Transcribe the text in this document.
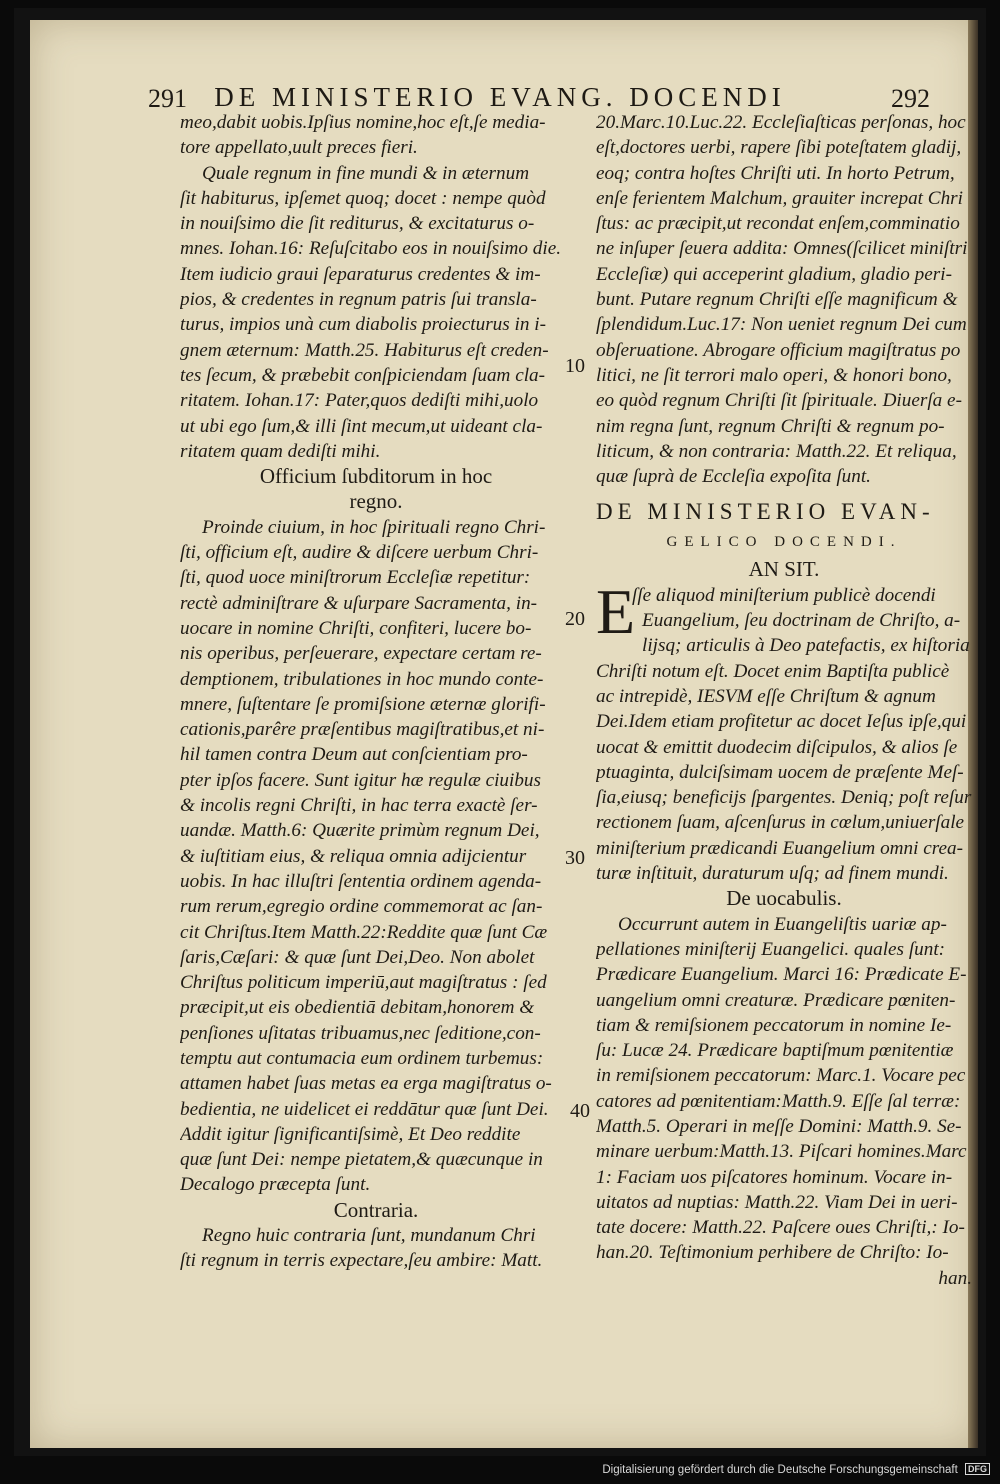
291	DE MINISTERIO EVANG. DOCENDI	292
meo,dabit uobis.Ipſius nomine,hoc eſt,ſe media-
tore appellato,uult preces fieri.
Quale regnum in fine mundi & in æternum
ſit habiturus, ipſemet quoq; docet : nempe quòd
in nouiſsimo die ſit rediturus, & excitaturus o-
mnes. Iohan.16: Reſuſcitabo eos in nouiſsimo die.
Item iudicio graui ſeparaturus credentes & im-
pios, & credentes in regnum patris ſui transla-
turus, impios unà cum diabolis proiecturus in i-
gnem æternum: Matth.25. Habiturus eſt creden-
tes ſecum, & præbebit conſpiciendam ſuam cla-
ritatem. Iohan.17: Pater,quos dediſti mihi,uolo
ut ubi ego ſum,& illi ſint mecum,ut uideant cla-
ritatem quam dediſti mihi.
Officium ſubditorum in hoc
regno.
Proinde ciuium, in hoc ſpirituali regno Chri-
ſti, officium eſt, audire & diſcere uerbum Chri-
ſti, quod uoce miniſtrorum Eccleſiæ repetitur:
rectè adminiſtrare & uſurpare Sacramenta, in-
uocare in nomine Chriſti, confiteri, lucere bo-
nis operibus, perſeuerare, expectare certam re-
demptionem, tribulationes in hoc mundo conte-
mnere, ſuſtentare ſe promiſsione æternæ glorifi-
cationis,parêre præſentibus magiſtratibus,et ni-
hil tamen contra Deum aut conſcientiam pro-
pter ipſos facere. Sunt igitur hæ regulæ ciuibus
& incolis regni Chriſti, in hac terra exactè ſer-
uandæ. Matth.6: Quærite primùm regnum Dei,
& iuſtitiam eius, & reliqua omnia adijcientur
uobis. In hac illuſtri ſententia ordinem agenda-
rum rerum,egregio ordine commemorat ac ſan-
cit Chriſtus.Item Matth.22:Reddite quæ ſunt Cæ
ſaris,Cæſari: & quæ ſunt Dei,Deo. Non abolet
Chriſtus politicum imperiū,aut magiſtratus : ſed
præcipit,ut eis obedientiā debitam,honorem &
penſiones uſitatas tribuamus,nec ſeditione,con-
temptu aut contumacia eum ordinem turbemus:
attamen habet ſuas metas ea erga magiſtratus o-
bedientia, ne uidelicet ei reddātur quæ ſunt Dei.
Addit igitur ſignificantiſsimè, Et Deo reddite
quæ ſunt Dei: nempe pietatem,& quæcunque in
Decalogo præcepta ſunt.
Contraria.
Regno huic contraria ſunt, mundanum Chri
ſti regnum in terris expectare,ſeu ambire: Matt.
20.Marc.10.Luc.22. Eccleſiaſticas perſonas, hoc
eſt,doctores uerbi, rapere ſibi poteſtatem gladij,
eoq; contra hoſtes Chriſti uti. In horto Petrum,
enſe ferientem Malchum, grauiter increpat Chri
ſtus: ac præcipit,ut recondat enſem,comminatio
ne inſuper ſeuera addita: Omnes(ſcilicet miniſtri
Eccleſiæ) qui acceperint gladium, gladio peri-
bunt. Putare regnum Chriſti eſſe magnificum &
ſplendidum.Luc.17: Non ueniet regnum Dei cum
obſeruatione. Abrogare officium magiſtratus po
litici, ne ſit terrori malo operi, & honori bono,
eo quòd regnum Chriſti ſit ſpirituale. Diuerſa e-
nim regna ſunt, regnum Chriſti & regnum po-
liticum, & non contraria: Matth.22. Et reliqua,
quæ ſuprà de Eccleſia expoſita ſunt.
DE MINISTERIO EVAN-
GELICO DOCENDI.
AN SIT.
E
ſſe aliquod miniſterium publicè docendi
Euangelium, ſeu doctrinam de Chriſto, a-
lijsq; articulis à Deo patefactis, ex hiſtoria
Chriſti notum eſt. Docet enim Baptiſta publicè
ac intrepidè, IESVM eſſe Chriſtum & agnum
Dei.Idem etiam profitetur ac docet Ieſus ipſe,qui
uocat & emittit duodecim diſcipulos, & alios ſe
ptuaginta, dulciſsimam uocem de præſente Meſ-
ſia,eiusq; beneficijs ſpargentes. Deniq; poſt reſur
rectionem ſuam, aſcenſurus in cœlum,uniuerſale
miniſterium prædicandi Euangelium omni crea-
turæ inſtituit, duraturum uſq; ad finem mundi.
De uocabulis.
Occurrunt autem in Euangeliſtis uariæ ap-
pellationes miniſterij Euangelici. quales ſunt:
Prædicare Euangelium. Marci 16: Prædicate E-
uangelium omni creaturæ. Prædicare pœniten-
tiam & remiſsionem peccatorum in nomine Ie-
ſu: Lucæ 24. Prædicare baptiſmum pœnitentiæ
in remiſsionem peccatorum: Marc.1. Vocare pec
catores ad pœnitentiam:Matth.9. Eſſe ſal terræ:
Matth.5. Operari in meſſe Domini: Matth.9. Se-
minare uerbum:Matth.13. Piſcari homines.Marc
1: Faciam uos piſcatores hominum. Vocare in-
uitatos ad nuptias: Matth.22. Viam Dei in ueri-
tate docere: Matth.22. Paſcere oues Chriſti,: Io-
han.20. Teſtimonium perhibere de Chriſto: Io-
han.
10
20
30
40
Digitalisierung gefördert durch die Deutsche Forschungsgemeinschaft DFG
